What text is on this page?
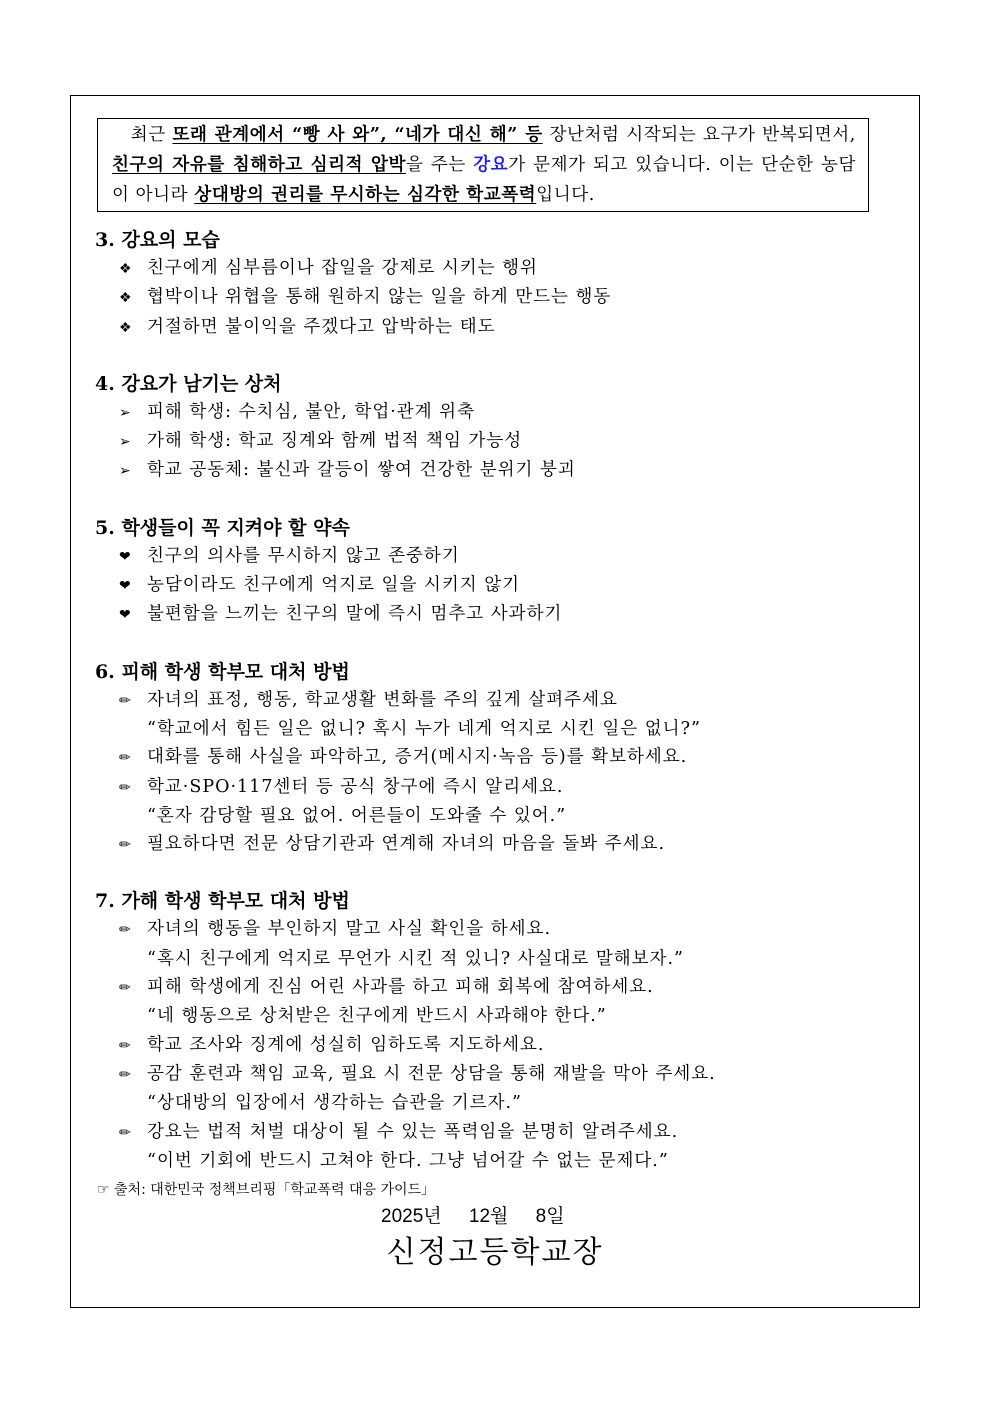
　최근 또래 관계에서 “빵 사 와”, “네가 대신 해” 등 장난처럼 시작되는 요구가 반복되면서, 친구의 자유를 침해하고 심리적 압박을 주는 강요가 문제가 되고 있습니다. 이는 단순한 농담이 아니라 상대방의 권리를 무시하는 심각한 학교폭력입니다.
3. 강요의 모습
❖ 친구에게 심부름이나 잡일을 강제로 시키는 행위
❖ 협박이나 위협을 통해 원하지 않는 일을 하게 만드는 행동
❖ 거절하면 불이익을 주겠다고 압박하는 태도
4. 강요가 남기는 상처
➢ 피해 학생: 수치심, 불안, 학업·관계 위축
➢ 가해 학생: 학교 징계와 함께 법적 책임 가능성
➢ 학교 공동체: 불신과 갈등이 쌓여 건강한 분위기 붕괴
5. 학생들이 꼭 지켜야 할 약속
❤ 친구의 의사를 무시하지 않고 존중하기
❤ 농담이라도 친구에게 억지로 일을 시키지 않기
❤ 불편함을 느끼는 친구의 말에 즉시 멈추고 사과하기
6. 피해 학생 학부모 대처 방법
✏ 자녀의 표정, 행동, 학교생활 변화를 주의 깊게 살펴주세요
“학교에서 힘든 일은 없니? 혹시 누가 네게 억지로 시킨 일은 없니?”
✏ 대화를 통해 사실을 파악하고, 증거(메시지·녹음 등)를 확보하세요.
✏ 학교·SPO·117센터 등 공식 창구에 즉시 알리세요.
“혼자 감당할 필요 없어. 어른들이 도와줄 수 있어.”
✏ 필요하다면 전문 상담기관과 연계해 자녀의 마음을 돌봐 주세요.
7. 가해 학생 학부모 대처 방법
✏ 자녀의 행동을 부인하지 말고 사실 확인을 하세요.
“혹시 친구에게 억지로 무언가 시킨 적 있니? 사실대로 말해보자.”
✏ 피해 학생에게 진심 어린 사과를 하고 피해 회복에 참여하세요.
“네 행동으로 상처받은 친구에게 반드시 사과해야 한다.”
✏ 학교 조사와 징계에 성실히 임하도록 지도하세요.
✏ 공감 훈련과 책임 교육, 필요 시 전문 상담을 통해 재발을 막아 주세요.
“상대방의 입장에서 생각하는 습관을 기르자.”
✏ 강요는 법적 처벌 대상이 될 수 있는 폭력임을 분명히 알려주세요.
“이번 기회에 반드시 고쳐야 한다. 그냥 넘어갈 수 없는 문제다.”
☞ 출처: 대한민국 정책브리핑「학교폭력 대응 가이드」
2025년 12월 8일
신정고등학교장
